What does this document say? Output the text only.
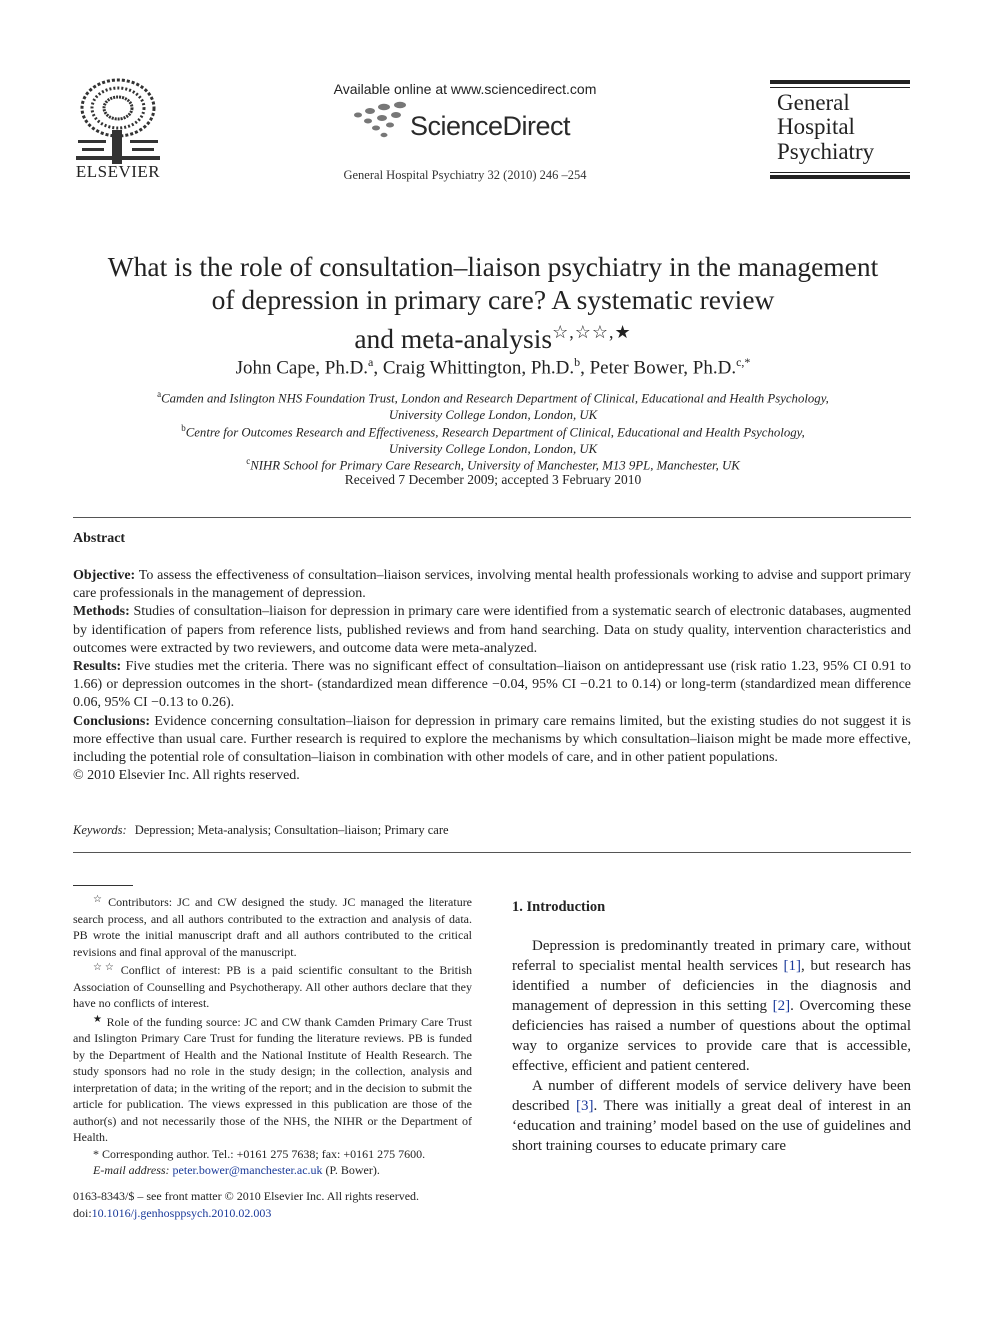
ELSEVIER
Available online at www.sciencedirect.com
ScienceDirect
General Hospital Psychiatry 32 (2010) 246 –254
General
Hospital
Psychiatry
What is the role of consultation–liaison psychiatry in the management
of depression in primary care? A systematic review
and meta-analysis☆,☆☆,★
John Cape, Ph.D.$^a$, Craig Whittington, Ph.D.$^b$, Peter Bower, Ph.D.$^{c,*}$
$^a$Camden and Islington NHS Foundation Trust, London and Research Department of Clinical, Educational and Health Psychology,
University College London, London, UK
$^b$Centre for Outcomes Research and Effectiveness, Research Department of Clinical, Educational and Health Psychology,
University College London, London, UK
$^c$NIHR School for Primary Care Research, University of Manchester, M13 9PL, Manchester, UK
Received 7 December 2009; accepted 3 February 2010
Abstract

Objective: To assess the effectiveness of consultation–liaison services, involving mental health professionals working to advise and support primary care professionals in the management of depression.

Methods: Studies of consultation–liaison for depression in primary care were identified from a systematic search of electronic databases, augmented by identification of papers from reference lists, published reviews and from hand searching. Data on study quality, intervention characteristics and outcomes were extracted by two reviewers, and outcome data were meta-analyzed.

Results: Five studies met the criteria. There was no significant effect of consultation–liaison on antidepressant use (risk ratio 1.23, 95% CI 0.91 to 1.66) or depression outcomes in the short- (standardized mean difference −0.04, 95% CI −0.21 to 0.14) or long-term (standardized mean difference 0.06, 95% CI −0.13 to 0.26).

Conclusions: Evidence concerning consultation–liaison for depression in primary care remains limited, but the existing studies do not suggest it is more effective than usual care. Further research is required to explore the mechanisms by which consultation–liaison might be made more effective, including the potential role of consultation–liaison in combination with other models of care, and in other patient populations.

© 2010 Elsevier Inc. All rights reserved.

Keywords: Depression; Meta-analysis; Consultation–liaison; Primary care

☆ Contributors: JC and CW designed the study. JC managed the literature search process, and all authors contributed to the extraction and analysis of data. PB wrote the initial manuscript draft and all authors contributed to the critical revisions and final approval of the manuscript.

☆☆ Conflict of interest: PB is a paid scientific consultant to the British Association of Counselling and Psychotherapy. All other authors declare that they have no conflicts of interest.

★ Role of the funding source: JC and CW thank Camden Primary Care Trust and Islington Primary Care Trust for funding the literature reviews. PB is funded by the Department of Health and the National Institute of Health Research. The study sponsors had no role in the study design; in the collection, analysis and interpretation of data; in the writing of the report; and in the decision to submit the article for publication. The views expressed in this publication are those of the author(s) and not necessarily those of the NHS, the NIHR or the Department of Health.

* Corresponding author. Tel.: +0161 275 7638; fax: +0161 275 7600.

E-mail address: peter.bower@manchester.ac.uk (P. Bower).

0163-8343/$ – see front matter © 2010 Elsevier Inc. All rights reserved.
doi:10.1016/j.genhosppsych.2010.02.003
1. Introduction

Depression is predominantly treated in primary care, without referral to specialist mental health services [1], but research has identified a number of deficiencies in the diagnosis and management of depression in this setting [2]. Overcoming these deficiencies has raised a number of questions about the optimal way to organize services to provide care that is accessible, effective, efficient and patient centered.

A number of different models of service delivery have been described [3]. There was initially a great deal of interest in an ‘education and training’ model based on the use of guidelines and short training courses to educate primary care
